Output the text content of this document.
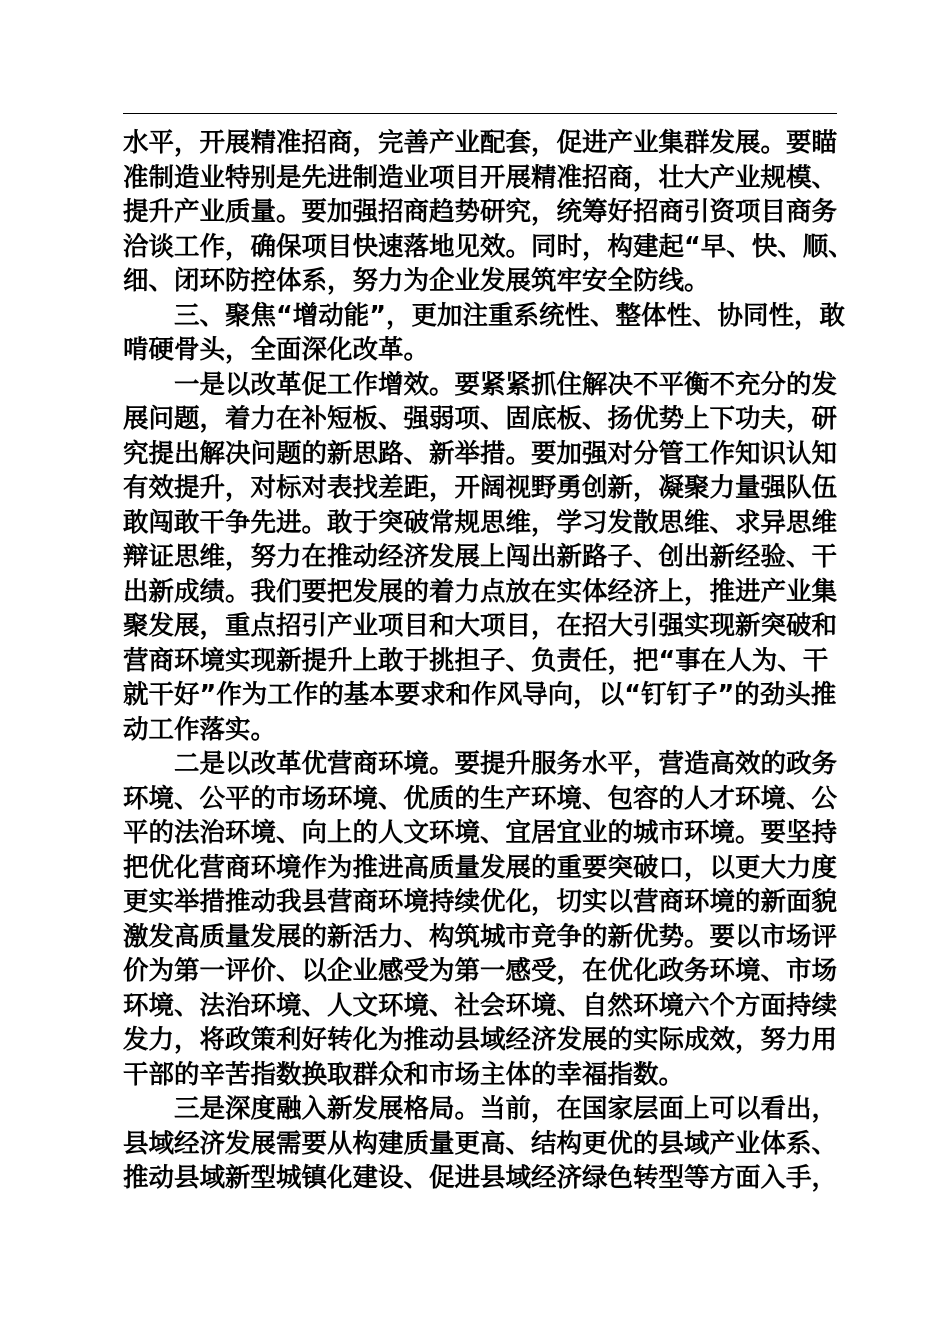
水平，开展精准招商，完善产业配套，促进产业集群发展。要瞄
准制造业特别是先进制造业项目开展精准招商，壮大产业规模、
提升产业质量。要加强招商趋势研究，统筹好招商引资项目商务
洽谈工作，确保项目快速落地见效。同时，构建起“早、快、顺、
细、闭环防控体系，努力为企业发展筑牢安全防线。

三、聚焦“增动能”，更加注重系统性、整体性、协同性，敢
啃硬骨头，全面深化改革。

一是以改革促工作增效。要紧紧抓住解决不平衡不充分的发
展问题，着力在补短板、强弱项、固底板、扬优势上下功夫，研
究提出解决问题的新思路、新举措。要加强对分管工作知识认知
有效提升，对标对表找差距，开阔视野勇创新，凝聚力量强队伍
敢闯敢干争先进。敢于突破常规思维，学习发散思维、求异思维
辩证思维，努力在推动经济发展上闯出新路子、创出新经验、干
出新成绩。我们要把发展的着力点放在实体经济上，推进产业集
聚发展，重点招引产业项目和大项目，在招大引强实现新突破和
营商环境实现新提升上敢于挑担子、负责任，把“事在人为、干
就干好”作为工作的基本要求和作风导向，以“钉钉子”的劲头推
动工作落实。

二是以改革优营商环境。要提升服务水平，营造高效的政务
环境、公平的市场环境、优质的生产环境、包容的人才环境、公
平的法治环境、向上的人文环境、宜居宜业的城市环境。要坚持
把优化营商环境作为推进高质量发展的重要突破口，以更大力度
更实举措推动我县营商环境持续优化，切实以营商环境的新面貌
激发高质量发展的新活力、构筑城市竞争的新优势。要以市场评
价为第一评价、以企业感受为第一感受，在优化政务环境、市场
环境、法治环境、人文环境、社会环境、自然环境六个方面持续
发力，将政策利好转化为推动县域经济发展的实际成效，努力用
干部的辛苦指数换取群众和市场主体的幸福指数。

三是深度融入新发展格局。当前，在国家层面上可以看出，
县域经济发展需要从构建质量更高、结构更优的县域产业体系、
推动县域新型城镇化建设、促进县域经济绿色转型等方面入手，
